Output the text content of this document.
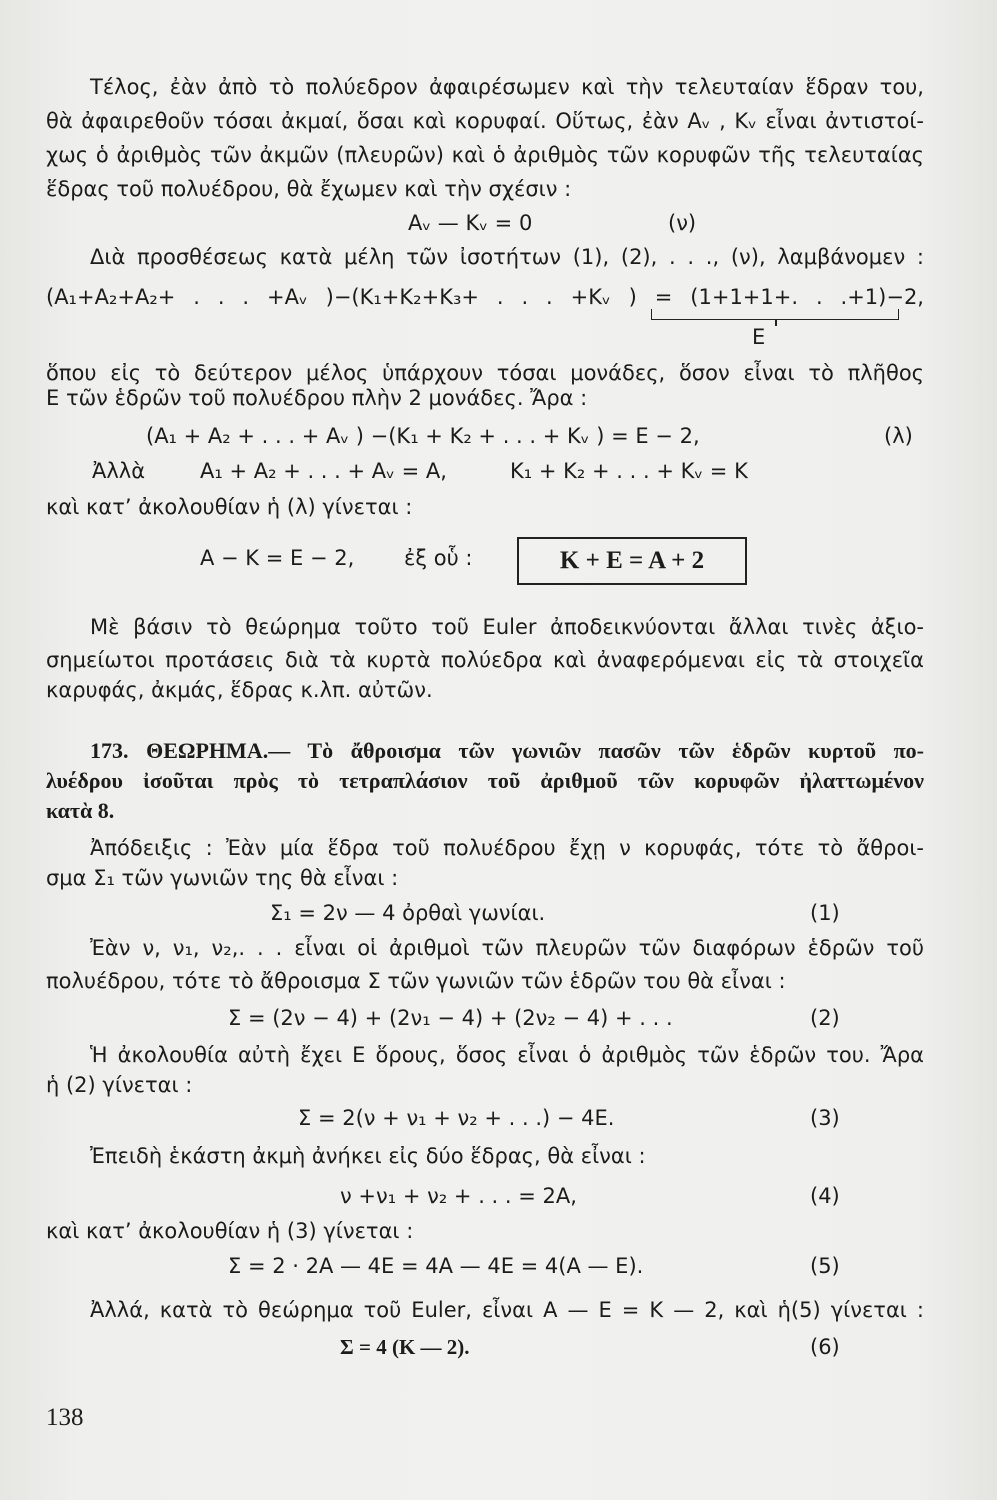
Τέλος, ἐὰν ἀπὸ τὸ πολύεδρον ἀφαιρέσωμεν καὶ τὴν τελευταίαν ἕδραν του,
θὰ ἀφαιρεθοῦν τόσαι ἀκμαί, ὅσαι καὶ κορυφαί. Οὕτως, ἐὰν Αᵥ , Κᵥ εἶναι ἀντιστοί-
χως ὁ ἀριθμὸς τῶν ἀκμῶν (πλευρῶν) καὶ ὁ ἀριθμὸς τῶν κορυφῶν τῆς τελευταίας
ἕδρας τοῦ πολυέδρου, θὰ ἔχωμεν καὶ τὴν σχέσιν :
Αᵥ — Κᵥ = 0	(ν)
Διὰ προσθέσεως κατὰ μέλη τῶν ἰσοτήτων (1), (2), . . ., (ν), λαμβάνομεν :
(Α₁+Α₂+Α₂+ . . . +Αᵥ )−(Κ₁+Κ₂+Κ₃+ . . . +Κᵥ ) = (1+1+1+. . .+1)−2,
Ε
ὅπου εἰς τὸ δεύτερον μέλος ὑπάρχουν τόσαι μονάδες, ὅσον εἶναι τὸ πλῆθος
Ε τῶν ἑδρῶν τοῦ πολυέδρου πλὴν 2 μονάδες. Ἄρα :
(Α₁ + Α₂ + . . . + Αᵥ ) −(Κ₁ + Κ₂ + . . . + Κᵥ ) = Ε − 2,	(λ)
Ἀλλὰ	Α₁ + Α₂ + . . . + Αᵥ = Α,	Κ₁ + Κ₂ + . . . + Κᵥ = Κ
καὶ κατ’ ἀκολουθίαν ἡ (λ) γίνεται :
Α − Κ = Ε − 2, ἐξ οὗ :	Κ + Ε = Α + 2
Μὲ βάσιν τὸ θεώρημα τοῦτο τοῦ Euler ἀποδεικνύονται ἄλλαι τινὲς ἀξιο-
σημείωτοι προτάσεις διὰ τὰ κυρτὰ πολύεδρα καὶ ἀναφερόμεναι εἰς τὰ στοιχεῖα
καρυφάς, ἀκμάς, ἕδρας κ.λπ. αὐτῶν.
173. ΘΕΩΡΗΜΑ.— Τὸ ἄθροισμα τῶν γωνιῶν πασῶν τῶν ἑδρῶν κυρτοῦ πο-
λυέδρου ἰσοῦται πρὸς τὸ τετραπλάσιον τοῦ ἀριθμοῦ τῶν κορυφῶν ἠλαττωμένον
κατὰ 8.
Ἀπόδειξις : Ἐὰν μία ἕδρα τοῦ πολυέδρου ἔχῃ ν κορυφάς, τότε τὸ ἄθροι-
σμα Σ₁ τῶν γωνιῶν της θὰ εἶναι :
Σ₁ = 2ν — 4 ὀρθαὶ γωνίαι.	(1)
Ἐὰν ν, ν₁, ν₂,. . . εἶναι οἱ ἀριθμοὶ τῶν πλευρῶν τῶν διαφόρων ἑδρῶν τοῦ
πολυέδρου, τότε τὸ ἄθροισμα Σ τῶν γωνιῶν τῶν ἑδρῶν του θὰ εἶναι :
Σ = (2ν − 4) + (2ν₁ − 4) + (2ν₂ − 4) + . . .	(2)
Ἡ ἀκολουθία αὐτὴ ἔχει Ε ὅρους, ὅσος εἶναι ὁ ἀριθμὸς τῶν ἑδρῶν του. Ἄρα
ἡ (2) γίνεται :
Σ = 2(ν + ν₁ + ν₂ + . . .) − 4Ε.	(3)
Ἐπειδὴ ἑκάστη ἀκμὴ ἀνήκει εἰς δύο ἕδρας, θὰ εἶναι :
ν +ν₁ + ν₂ + . . . = 2Α,	(4)
καὶ κατ’ ἀκολουθίαν ἡ (3) γίνεται :
Σ = 2 · 2Α — 4Ε = 4Α — 4Ε = 4(Α — Ε).	(5)
Ἀλλά, κατὰ τὸ θεώρημα τοῦ Euler, εἶναι Α — Ε = Κ — 2, καὶ ἡ(5) γίνεται :
Σ = 4 (Κ — 2).	(6)
138
